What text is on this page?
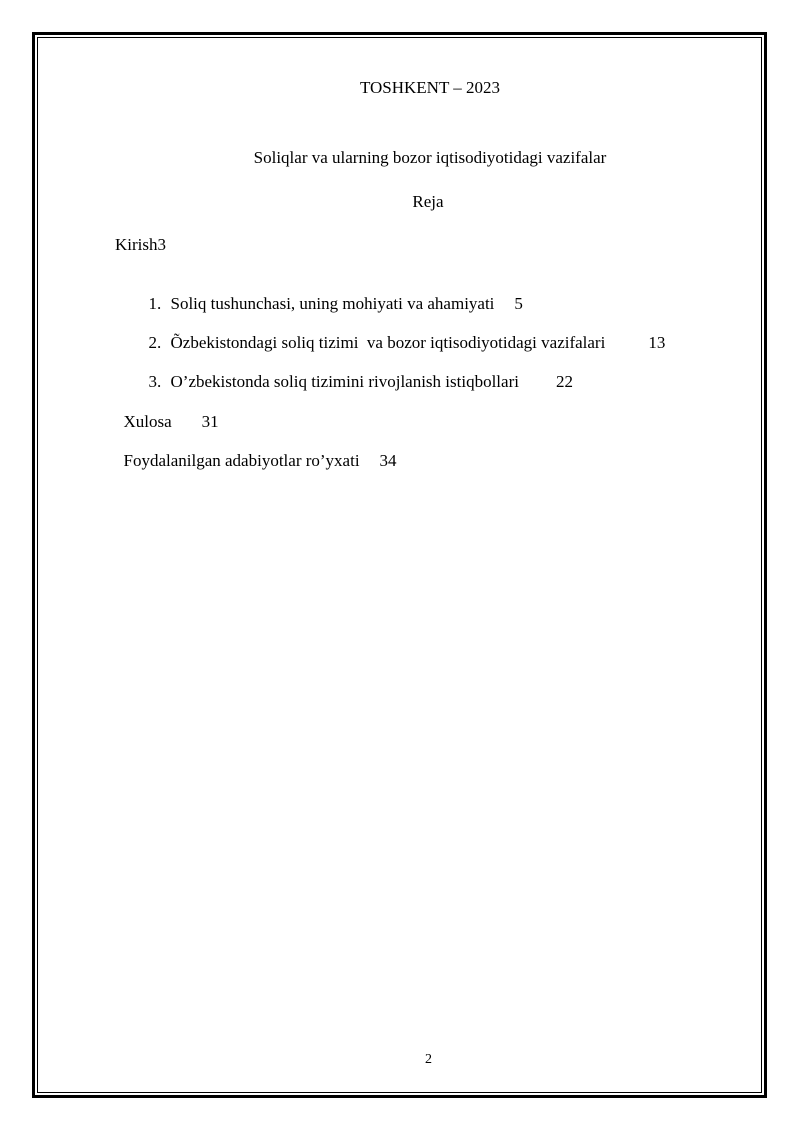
TOSHKENT – 2023
Soliqlar va ularning bozor iqtisodiyotidagi vazifalar
Reja
Kirish3

1. Soliq tushunchasi, uning mohiyati va ahamiyati 5

2. Õzbekistondagi soliq tizimi  va bozor iqtisodiyotidagi vazifalari	13

3. O’zbekistonda soliq tizimini rivojlanish istiqbollari 22

Xulosa 31

Foydalanilgan adabiyotlar ro’yxati 34

2
